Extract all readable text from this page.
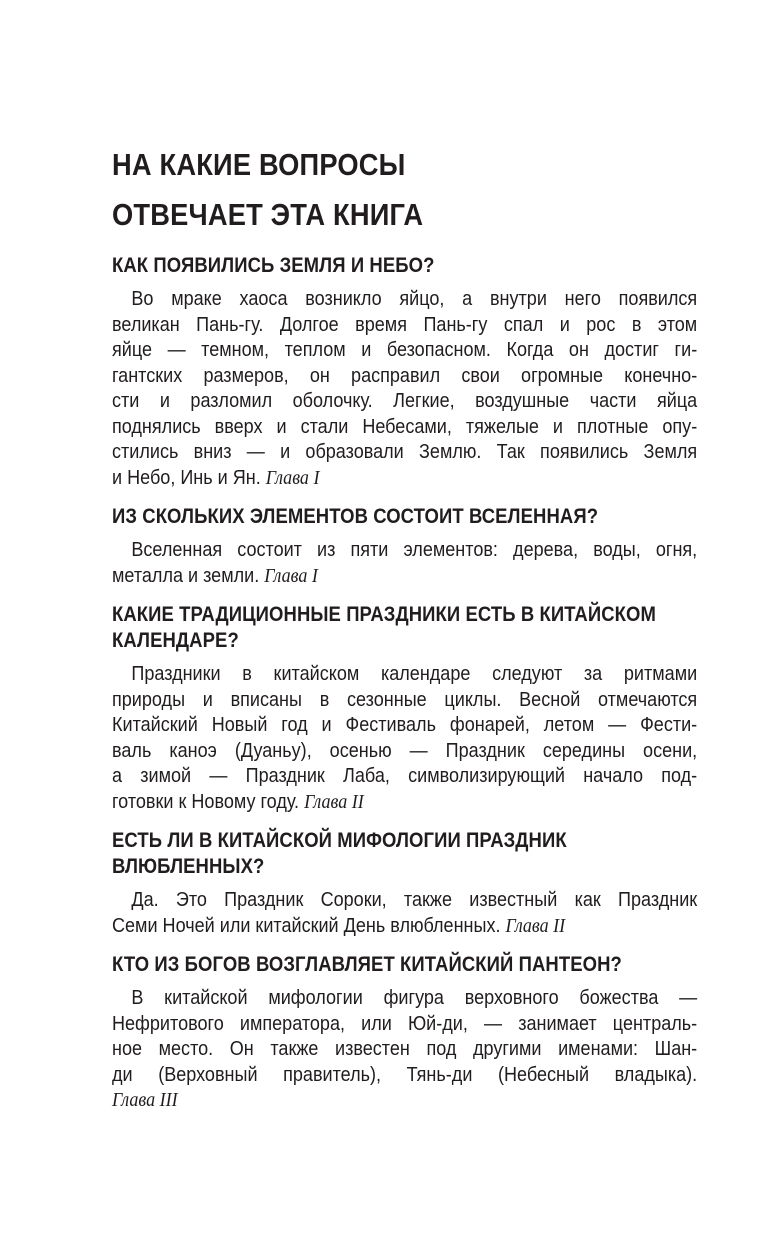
НА КАКИЕ ВОПРОСЫ
ОТВЕЧАЕТ ЭТА КНИГА
КАК ПОЯВИЛИСЬ ЗЕМЛЯ И НЕБО?

Во мраке хаоса возникло яйцо, а внутри него появился
великан Пань-гу. Долгое время Пань-гу спал и рос в этом
яйце — темном, теплом и безопасном. Когда он достиг ги-
гантских размеров, он расправил свои огромные конечно-
сти и разломил оболочку. Легкие, воздушные части яйца
поднялись вверх и стали Небесами, тяжелые и плотные опу-
стились вниз — и образовали Землю. Так появились Земля
и Небо, Инь и Ян. Глава I

ИЗ СКОЛЬКИХ ЭЛЕМЕНТОВ СОСТОИТ ВСЕЛЕННАЯ?

Вселенная состоит из пяти элементов: дерева, воды, огня,
металла и земли. Глава I

КАКИЕ ТРАДИЦИОННЫЕ ПРАЗДНИКИ ЕСТЬ В КИТАЙСКОМ
КАЛЕНДАРЕ?

Праздники в китайском календаре следуют за ритмами
природы и вписаны в сезонные циклы. Весной отмечаются
Китайский Новый год и Фестиваль фонарей, летом — Фести-
валь каноэ (Дуаньу), осенью — Праздник середины осени,
а зимой — Праздник Лаба, символизирующий начало под-
готовки к Новому году. Глава II

ЕСТЬ ЛИ В КИТАЙСКОЙ МИФОЛОГИИ ПРАЗДНИК
ВЛЮБЛЕННЫХ?

Да. Это Праздник Сороки, также известный как Праздник
Семи Ночей или китайский День влюбленных. Глава II

КТО ИЗ БОГОВ ВОЗГЛАВЛЯЕТ КИТАЙСКИЙ ПАНТЕОН?

В китайской мифологии фигура верховного божества —
Нефритового императора, или Юй-ди, — занимает централь-
ное место. Он также известен под другими именами: Шан-
ди (Верховный правитель), Тянь-ди (Небесный владыка).
Глава III
